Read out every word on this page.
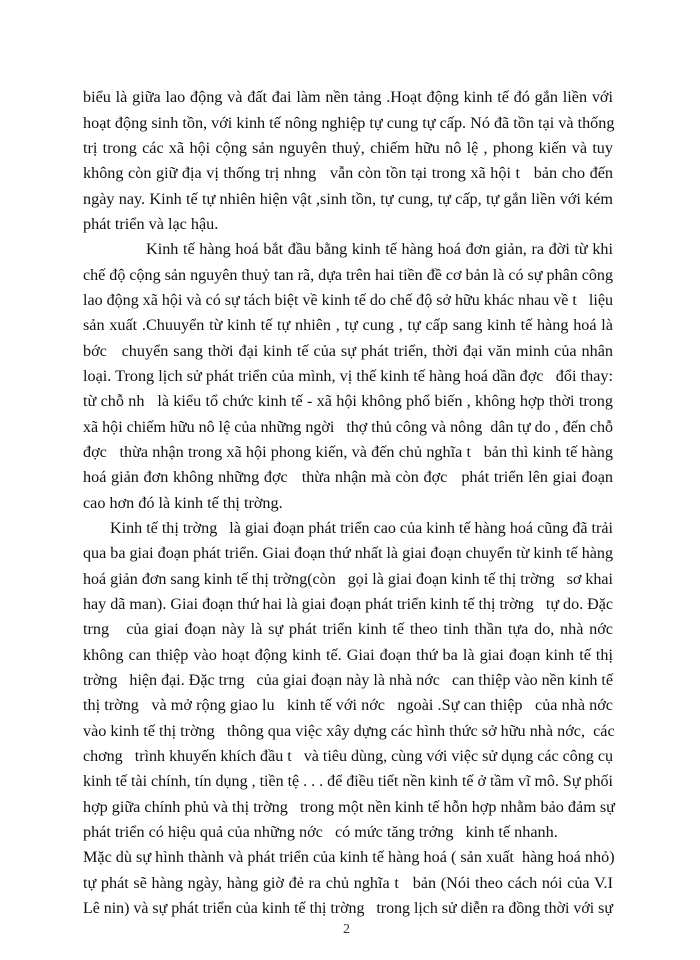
biểu là giữa lao động và đất đai làm nền tảng .Hoạt động kinh tế đó gắn liền với
hoạt động sinh tồn, với kinh tế nông nghiệp tự cung tự cấp. Nó đã tồn tại và thống
trị trong các xã hội cộng sản nguyên thuỷ, chiếm hữu nô lệ , phong kiến và tuy
không còn giữ địa vị thống trị nhng   vẫn còn tồn tại trong xã hội t   bản cho đến
ngày nay. Kinh tế tự nhiên hiện vật ,sinh tồn, tự cung, tự cấp, tự gắn liền với kém
phát triển và lạc hậu.
Kinh tế hàng hoá bắt đầu bằng kinh tế hàng hoá đơn giản, ra đời từ khi
chế độ cộng sản nguyên thuỷ tan rã, dựa trên hai tiền đề cơ bản là có sự phân công
lao động xã hội và có sự tách biệt về kinh tế do chế độ sở hữu khác nhau về t   liệu
sản xuất .Chuuyển từ kinh tế tự nhiên , tự cung , tự cấp sang kinh tế hàng hoá là
bớc   chuyển sang thời đại kinh tế của sự phát triển, thời đại văn minh của nhân
loại. Trong lịch sử phát triển của mình, vị thế kinh tế hàng hoá dần đợc   đổi thay:
từ chỗ nh   là kiểu tổ chức kinh tế - xã hội không phổ biến , không hợp thời trong
xã hội chiếm hữu nô lệ của những ngời   thợ thủ công và nông  dân tự do , đến chỗ
đợc   thừa nhận trong xã hội phong kiến, và đến chủ nghĩa t   bản thì kinh tế hàng
hoá giản đơn không những đợc   thừa nhận mà còn đợc   phát triển lên giai đoạn
cao hơn đó là kinh tế thị trờng.
Kinh tế thị trờng   là giai đoạn phát triển cao của kinh tế hàng hoá cũng đã trải
qua ba giai đoạn phát triển. Giai đoạn thứ nhất là giai đoạn chuyển từ kinh tế hàng
hoá giản đơn sang kinh tế thị trờng(còn   gọi là giai đoạn kinh tế thị trờng   sơ khai
hay dã man). Giai đoạn thứ hai là giai đoạn phát triển kinh tế thị trờng   tự do. Đặc
trng   của giai đoạn này là sự phát triển kinh tế theo tinh thần tựa do, nhà nớc
không can thiệp vào hoạt động kinh tế. Giai đoạn thứ ba là giai đoạn kinh tế thị
trờng   hiện đại. Đặc trng   của giai đoạn này là nhà nớc   can thiệp vào nền kinh tế
thị trờng   và mở rộng giao lu   kinh tế với nớc   ngoài .Sự can thiệp   của nhà nớc
vào kinh tế thị trờng   thông qua việc xây dựng các hình thức sở hữu nhà nớc,  các
chơng   trình khuyến khích đầu t   và tiêu dùng, cùng với việc sử dụng các công cụ
kinh tế tài chính, tín dụng , tiền tệ . . . để điều tiết nền kinh tế ở tầm vĩ mô. Sự phối
hợp giữa chính phủ và thị trờng   trong một nền kinh tế hỗn hợp nhằm bảo đảm sự
phát triển có hiệu quả của những nớc   có mức tăng trởng   kinh tế nhanh.
Mặc dù sự hình thành và phát triển của kinh tế hàng hoá ( sản xuất  hàng hoá nhỏ)
tự phát sẽ hàng ngày, hàng giờ đẻ ra chủ nghĩa t   bản (Nói theo cách nói của V.I
Lê nin) và sự phát triển của kinh tế thị trờng   trong lịch sử diễn ra đồng thời với sự
2
